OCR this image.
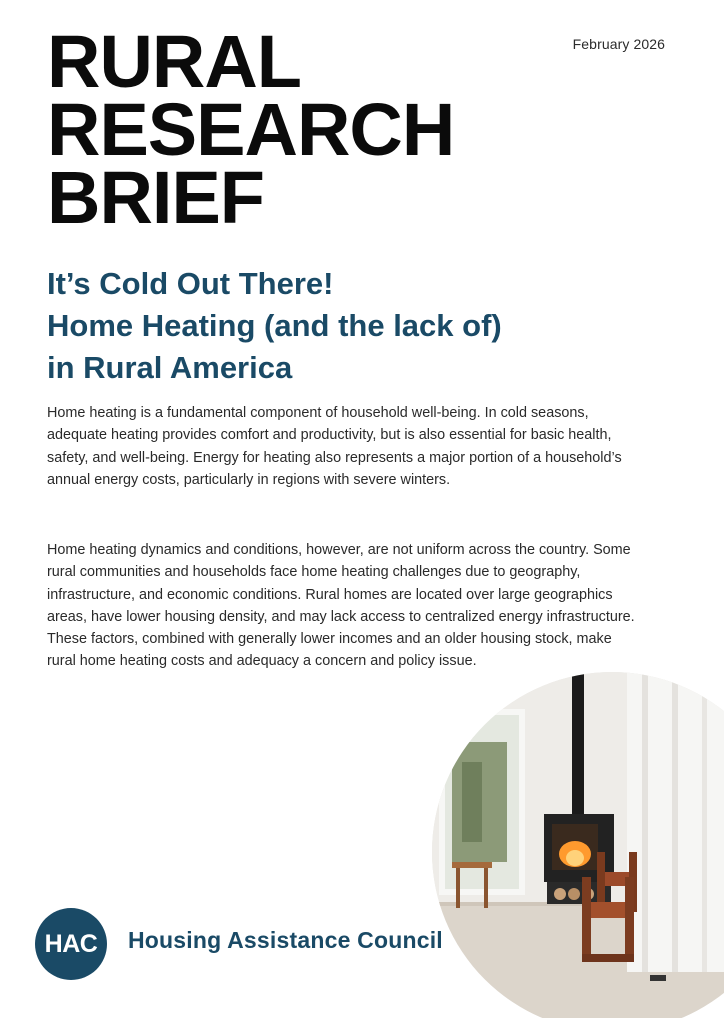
February 2026
RURAL
RESEARCH
BRIEF
It’s Cold Out There!
Home Heating (and the lack of)
in Rural America

Home heating is a fundamental component of household well-being. In cold seasons, adequate heating provides comfort and productivity, but is also essential for basic health, safety, and well-being. Energy for heating also represents a major portion of a household’s annual energy costs, particularly in regions with severe winters.

Home heating dynamics and conditions, however, are not uniform across the country. Some rural communities and households face home heating challenges due to geography, infrastructure, and economic conditions. Rural homes are located over large geographics areas, have lower housing density, and may lack access to centralized energy infrastructure. These factors, combined with generally lower incomes and an older housing stock, make rural home heating costs and adequacy a concern and policy issue.

HAC Housing Assistance Council
